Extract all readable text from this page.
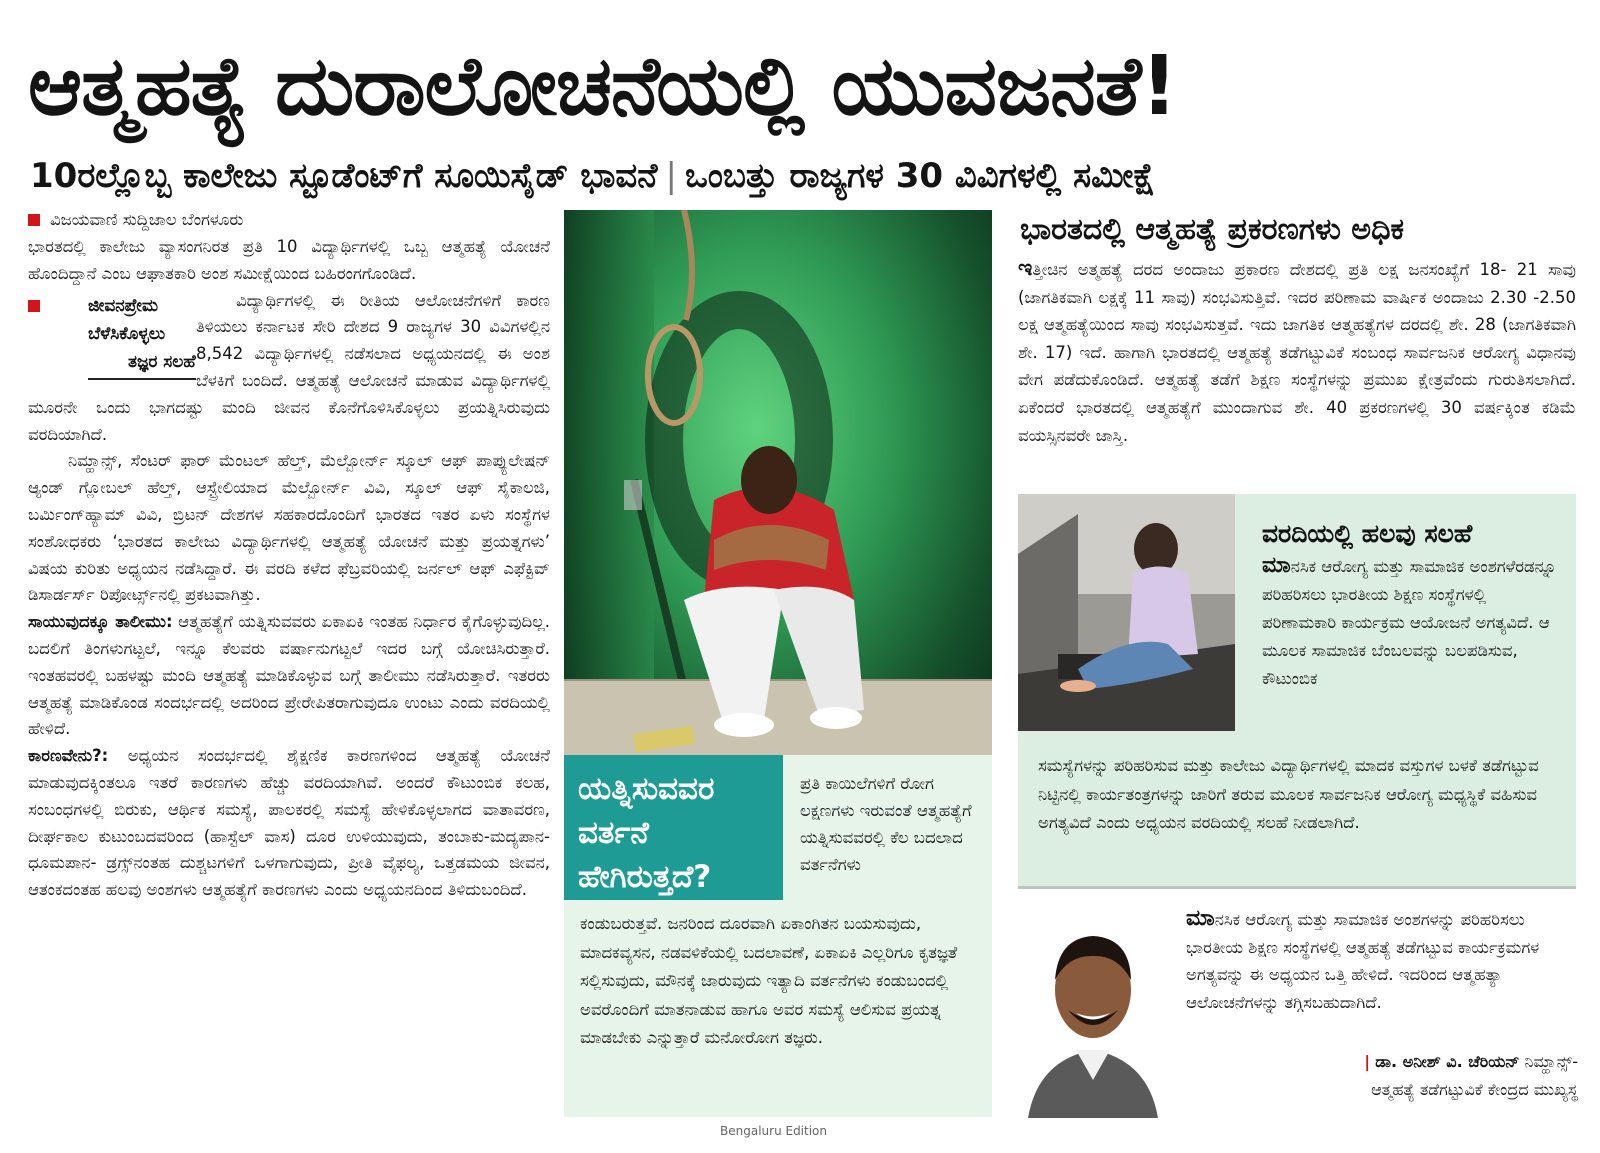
ಆತ್ಮಹತ್ಯೆ ದುರಾಲೋಚನೆಯಲ್ಲಿ ಯುವಜನತೆ!
10ರಲ್ಲೊಬ್ಬ ಕಾಲೇಜು ಸ್ಟೂಡೆಂಟ್‌ಗೆ ಸೂಯಿಸೈಡ್ ಭಾವನೆ | ಒಂಬತ್ತು ರಾಜ್ಯಗಳ 30 ವಿವಿಗಳಲ್ಲಿ ಸಮೀಕ್ಷೆ
ವಿಜಯವಾಣಿ ಸುದ್ದಿಜಾಲ ಬೆಂಗಳೂರು

ಭಾರತದಲ್ಲಿ ಕಾಲೇಜು ವ್ಯಾಸಂಗನಿರತ ಪ್ರತಿ 10 ವಿದ್ಯಾರ್ಥಿಗಳಲ್ಲಿ ಒಬ್ಬ ಆತ್ಮಹತ್ಯೆ ಯೋಚನೆ ಹೊಂದಿದ್ದಾನೆ ಎಂಬ ಆಘಾತಕಾರಿ ಅಂಶ ಸಮೀಕ್ಷೆಯಿಂದ ಬಹಿರಂಗಗೊಂಡಿದೆ.

ಜೀವನಪ್ರೇಮ
ಬೆಳೆಸಿಕೊಳ್ಳಲು
ತಜ್ಞರ ಸಲಹೆ
ವಿದ್ಯಾರ್ಥಿಗಳಲ್ಲಿ ಈ ರೀತಿಯ ಆಲೋಚನೆಗಳಿಗೆ ಕಾರಣ ತಿಳಿಯಲು ಕರ್ನಾಟಕ ಸೇರಿ ದೇಶದ 9 ರಾಜ್ಯಗಳ 30 ವಿವಿಗಳಲ್ಲಿನ 8,542 ವಿದ್ಯಾರ್ಥಿಗಳಲ್ಲಿ ನಡೆಸಲಾದ ಅಧ್ಯಯನದಲ್ಲಿ ಈ ಅಂಶ ಬೆಳಕಿಗೆ ಬಂದಿದೆ. ಆತ್ಮಹತ್ಯೆ ಆಲೋಚನೆ ಮಾಡುವ ವಿದ್ಯಾರ್ಥಿಗಳಲ್ಲಿ ಮೂರನೇ ಒಂದು ಭಾಗದಷ್ಟು ಮಂದಿ ಜೀವನ ಕೊನೆಗೊಳಿಸಿಕೊಳ್ಳಲು ಪ್ರಯತ್ನಿಸಿರುವುದು ವರದಿಯಾಗಿದೆ.

ನಿಮ್ಹಾನ್ಸ್, ಸೆಂಟರ್ ಫಾರ್ ಮೆಂಟಲ್ ಹೆಲ್ತ್, ಮೆಲ್ಬೋರ್ನ್ ಸ್ಕೂಲ್ ಆಫ್ ಪಾಪ್ಯುಲೇಷನ್ ಆ್ಯಂಡ್ ಗ್ಲೋಬಲ್ ಹೆಲ್ತ್, ಆಸ್ಟ್ರೇಲಿಯಾದ ಮೆಲ್ಬೋರ್ನ್ ವಿವಿ, ಸ್ಕೂಲ್ ಆಫ್ ಸೈಕಾಲಜಿ, ಬರ್ಮಿಂಗ್‌ಹ್ಯಾಮ್ ವಿವಿ, ಬ್ರಿಟನ್ ದೇಶಗಳ ಸಹಕಾರದೊಂದಿಗೆ ಭಾರತದ ಇತರ ಏಳು ಸಂಸ್ಥೆಗಳ ಸಂಶೋಧಕರು ‘ಭಾರತದ ಕಾಲೇಜು ವಿದ್ಯಾರ್ಥಿಗಳಲ್ಲಿ ಆತ್ಮಹತ್ಯೆ ಯೋಚನೆ ಮತ್ತು ಪ್ರಯತ್ನಗಳು’ ವಿಷಯ ಕುರಿತು ಅಧ್ಯಯನ ನಡೆಸಿದ್ದಾರೆ. ಈ ವರದಿ ಕಳೆದ ಫೆಬ್ರವರಿಯಲ್ಲಿ ಜರ್ನಲ್ ಆಫ್ ಎಫೆಕ್ಟಿವ್ ಡಿಸಾರ್ಡರ್ಸ್ ರಿಪೋರ್ಟ್ಸ್‌ನಲ್ಲಿ ಪ್ರಕಟವಾಗಿತ್ತು.

ಸಾಯುವುದಕ್ಕೂ ತಾಲೀಮು: ಆತ್ಮಹತ್ಯೆಗೆ ಯತ್ನಿಸುವವರು ಏಕಾಏಕಿ ಇಂತಹ ನಿರ್ಧಾರ ಕೈಗೊಳ್ಳುವುದಿಲ್ಲ. ಬದಲಿಗೆ ತಿಂಗಳುಗಟ್ಟಲೆ, ಇನ್ನೂ ಕೆಲವರು ವರ್ಷಾನುಗಟ್ಟಲೆ ಇದರ ಬಗ್ಗೆ ಯೋಚಿಸಿರುತ್ತಾರೆ. ಇಂತಹವರಲ್ಲಿ ಬಹಳಷ್ಟು ಮಂದಿ ಆತ್ಮಹತ್ಯೆ ಮಾಡಿಕೊಳ್ಳುವ ಬಗ್ಗೆ ತಾಲೀಮು ನಡೆಸಿರುತ್ತಾರೆ. ಇತರರು ಆತ್ಮಹತ್ಯೆ ಮಾಡಿಕೊಂಡ ಸಂದರ್ಭದಲ್ಲಿ ಅದರಿಂದ ಪ್ರೇರೇಪಿತರಾಗುವುದೂ ಉಂಟು ಎಂದು ವರದಿಯಲ್ಲಿ ಹೇಳಿದೆ.

ಕಾರಣವೇನು?: ಅಧ್ಯಯನ ಸಂದರ್ಭದಲ್ಲಿ ಶೈಕ್ಷಣಿಕ ಕಾರಣಗಳಿಂದ ಆತ್ಮಹತ್ಯೆ ಯೋಚನೆ ಮಾಡುವುದಕ್ಕಿಂತಲೂ ಇತರೆ ಕಾರಣಗಳು ಹೆಚ್ಚು ವರದಿಯಾಗಿವೆ. ಅಂದರೆ ಕೌಟುಂಬಿಕ ಕಲಹ, ಸಂಬಂಧಗಳಲ್ಲಿ ಬಿರುಕು, ಆರ್ಥಿಕ ಸಮಸ್ಯೆ, ಪಾಲಕರಲ್ಲಿ ಸಮಸ್ಯೆ ಹೇಳಿಕೊಳ್ಳಲಾಗದ ವಾತಾವರಣ, ದೀರ್ಘಕಾಲ ಕುಟುಂಬದವರಿಂದ (ಹಾಸ್ಟೆಲ್ ವಾಸ) ದೂರ ಉಳಿಯುವುದು, ತಂಬಾಕು-ಮದ್ಯಪಾನ- ಧೂಮಪಾನ- ಡ್ರಗ್ಸ್‌ನಂತಹ ದುಶ್ಚಟಗಳಿಗೆ ಒಳಗಾಗುವುದು, ಪ್ರೀತಿ ವೈಫಲ್ಯ, ಒತ್ತಡಮಯ ಜೀವನ, ಆತಂಕದಂತಹ ಹಲವು ಅಂಶಗಳು ಆತ್ಮಹತ್ಯೆಗೆ ಕಾರಣಗಳು ಎಂದು ಅಧ್ಯಯನದಿಂದ ತಿಳಿದುಬಂದಿದೆ.

ಯತ್ನಿಸುವವರ ವರ್ತನೆ ಹೇಗಿರುತ್ತದೆ?
ಪ್ರತಿ ಕಾಯಿಲೆಗಳಿಗೆ ರೋಗ ಲಕ್ಷಣಗಳು ಇರುವಂತೆ ಆತ್ಮಹತ್ಯೆಗೆ ಯತ್ನಿಸುವವರಲ್ಲಿ ಕೆಲ ಬದಲಾದ ವರ್ತನೆಗಳು
ಕಂಡುಬರುತ್ತವೆ. ಜನರಿಂದ ದೂರವಾಗಿ ಏಕಾಂಗಿತನ ಬಯಸುವುದು, ಮಾದಕವ್ಯಸನ, ನಡವಳಿಕೆಯಲ್ಲಿ ಬದಲಾವಣೆ, ಏಕಾಏಕಿ ಎಲ್ಲರಿಗೂ ಕೃತಜ್ಞತೆ ಸಲ್ಲಿಸುವುದು, ಮೌನಕ್ಕೆ ಜಾರುವುದು ಇತ್ಯಾದಿ ವರ್ತನೆಗಳು ಕಂಡುಬಂದಲ್ಲಿ ಅವರೊಂದಿಗೆ ಮಾತನಾಡುವ ಹಾಗೂ ಅವರ ಸಮಸ್ಯೆ ಆಲಿಸುವ ಪ್ರಯತ್ನ ಮಾಡಬೇಕು ಎನ್ನುತ್ತಾರೆ ಮನೋರೋಗ ತಜ್ಞರು.
ಭಾರತದಲ್ಲಿ ಆತ್ಮಹತ್ಯೆ ಪ್ರಕರಣಗಳು ಅಧಿಕ
ಇತ್ತೀಚಿನ ಅತ್ಮಹತ್ಯೆ ದರದ ಅಂದಾಜು ಪ್ರಕಾರಣ ದೇಶದಲ್ಲಿ ಪ್ರತಿ ಲಕ್ಷ ಜನಸಂಖ್ಯೆಗೆ 18- 21 ಸಾವು (ಜಾಗತಿಕವಾಗಿ ಲಕ್ಷಕ್ಕೆ 11 ಸಾವು) ಸಂಭವಿಸುತ್ತಿವೆ. ಇದರ ಪರಿಣಾಮ ವಾರ್ಷಿಕ ಅಂದಾಜು 2.30 -2.50 ಲಕ್ಷ ಆತ್ಮಹತ್ಯೆಯಿಂದ ಸಾವು ಸಂಭವಿಸುತ್ತವೆ. ಇದು ಜಾಗತಿಕ ಆತ್ಮಹತ್ಯೆಗಳ ದರದಲ್ಲಿ ಶೇ. 28 (ಜಾಗತಿಕವಾಗಿ ಶೇ. 17) ಇದೆ. ಹಾಗಾಗಿ ಭಾರತದಲ್ಲಿ ಆತ್ಮಹತ್ಯೆ ತಡೆಗಟ್ಟುವಿಕೆ ಸಂಬಂಧ ಸಾರ್ವಜನಿಕ ಆರೋಗ್ಯ ವಿಧಾನವು ವೇಗ ಪಡೆದುಕೊಂಡಿದೆ. ಆತ್ಮಹತ್ಯೆ ತಡೆಗೆ ಶಿಕ್ಷಣ ಸಂಸ್ಥೆಗಳನ್ನು ಪ್ರಮುಖ ಕ್ಷೇತ್ರವೆಂದು ಗುರುತಿಸಲಾಗಿದೆ. ಏಕೆಂದರೆ ಭಾರತದಲ್ಲಿ ಆತ್ಮಹತ್ಯೆಗೆ ಮುಂದಾಗುವ ಶೇ. 40 ಪ್ರಕರಣಗಳಲ್ಲಿ 30 ವರ್ಷಕ್ಕಿಂತ ಕಡಿಮೆ ವಯಸ್ಸಿನವರೇ ಜಾಸ್ತಿ.
ವರದಿಯಲ್ಲಿ ಹಲವು ಸಲಹೆ
ಮಾನಸಿಕ ಆರೋಗ್ಯ ಮತ್ತು ಸಾಮಾಜಿಕ ಅಂಶಗಳೆರಡನ್ನೂ ಪರಿಹರಿಸಲು ಭಾರತೀಯ ಶಿಕ್ಷಣ ಸಂಸ್ಥೆಗಳಲ್ಲಿ ಪರಿಣಾಮಕಾರಿ ಕಾರ್ಯಕ್ರಮ ಆಯೋಜನೆ ಅಗತ್ಯವಿದೆ. ಆ ಮೂಲಕ ಸಾಮಾಜಿಕ ಬೆಂಬಲವನ್ನು ಬಲಪಡಿಸುವ, ಕೌಟುಂಬಿಕ
ಸಮಸ್ಯೆಗಳನ್ನು ಪರಿಹರಿಸುವ ಮತ್ತು ಕಾಲೇಜು ವಿದ್ಯಾರ್ಥಿಗಳಲ್ಲಿ ಮಾದಕ ವಸ್ತುಗಳ ಬಳಕೆ ತಡೆಗಟ್ಟುವ ನಿಟ್ಟಿನಲ್ಲಿ ಕಾರ್ಯತಂತ್ರಗಳನ್ನು ಜಾರಿಗೆ ತರುವ ಮೂಲಕ ಸಾರ್ವಜನಿಕ ಆರೋಗ್ಯ ಮಧ್ಯಸ್ಥಿಕೆ ವಹಿಸುವ ಅಗತ್ಯವಿದೆ ಎಂದು ಅಧ್ಯಯನ ವರದಿಯಲ್ಲಿ ಸಲಹೆ ನೀಡಲಾಗಿದೆ.
ಮಾನಸಿಕ ಆರೋಗ್ಯ ಮತ್ತು ಸಾಮಾಜಿಕ ಅಂಶಗಳನ್ನು ಪರಿಹರಿಸಲು ಭಾರತೀಯ ಶಿಕ್ಷಣ ಸಂಸ್ಥೆಗಳಲ್ಲಿ ಆತ್ಮಹತ್ಯೆ ತಡೆಗಟ್ಟುವ ಕಾರ್ಯಕ್ರಮಗಳ ಅಗತ್ಯವನ್ನು ಈ ಅಧ್ಯಯನ ಒತ್ತಿ ಹೇಳಿದೆ. ಇದರಿಂದ ಆತ್ಮಹತ್ಯಾ ಆಲೋಚನೆಗಳನ್ನು ತಗ್ಗಿಸಬಹುದಾಗಿದೆ.
| ಡಾ. ಅನೀಶ್ ವಿ. ಚೆರಿಯನ್ ನಿಮ್ಹಾನ್ಸ್-
ಆತ್ಮಹತ್ಯೆ ತಡೆಗಟ್ಟುವಿಕೆ ಕೇಂದ್ರದ ಮುಖ್ಯಸ್ಥ
Bengaluru Edition
